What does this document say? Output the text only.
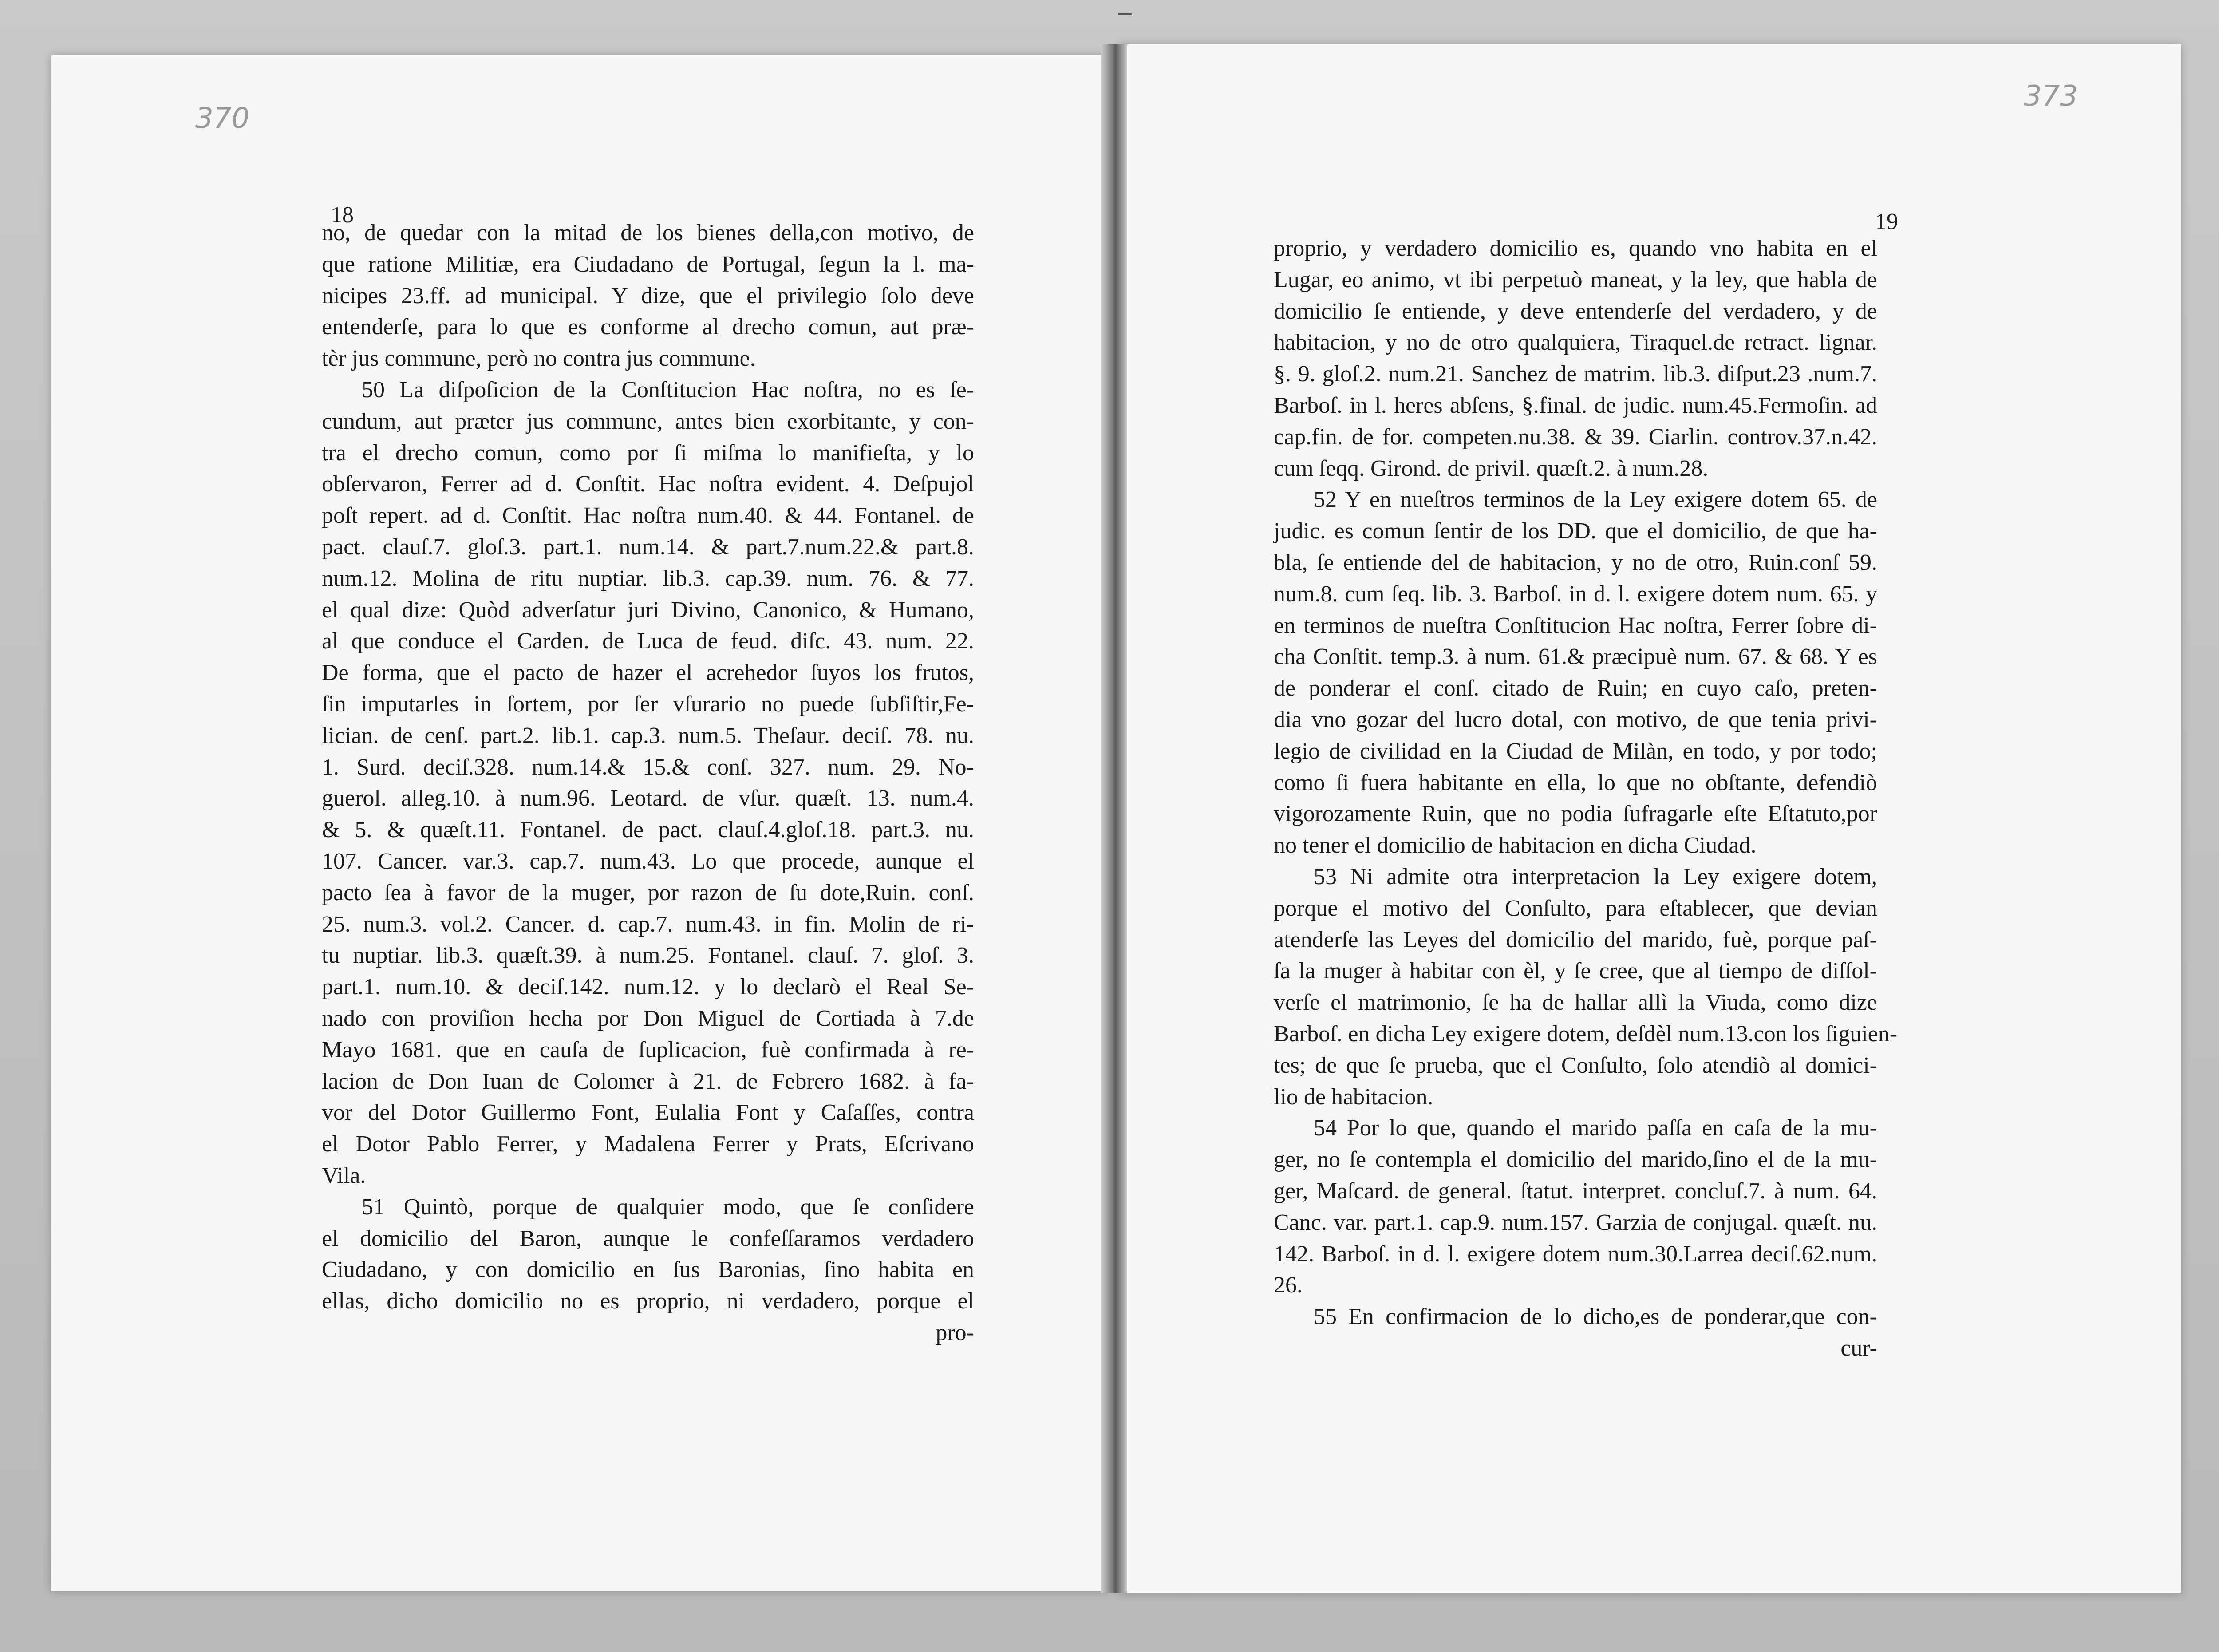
370
373
18	19
no, de quedar con la mitad de los bienes della,con motivo, de
que ratione Militiæ, era Ciudadano de Portugal, ſegun la l. ma-
nicipes 23.ff. ad municipal. Y dize, que el privilegio ſolo deve
entenderſe, para lo que es conforme al drecho comun, aut præ-
tèr jus commune, però no contra jus commune.
50 La diſpoſicion de la Conſtitucion Hac noſtra, no es ſe-
cundum, aut præter jus commune, antes bien exorbitante, y con-
tra el drecho comun, como por ſi miſma lo manifieſta, y lo
obſervaron, Ferrer ad d. Conſtit. Hac noſtra evident. 4. Deſpujol
poſt repert. ad d. Conſtit. Hac noſtra num.40. & 44. Fontanel. de
pact. clauſ.7. gloſ.3. part.1. num.14. & part.7.num.22.& part.8.
num.12. Molina de ritu nuptiar. lib.3. cap.39. num. 76. & 77.
el qual dize: Quòd adverſatur juri Divino, Canonico, & Humano,
al que conduce el Carden. de Luca de feud. diſc. 43. num. 22.
De forma, que el pacto de hazer el acrehedor ſuyos los frutos,
ſin imputarles in ſortem, por ſer vſurario no puede ſubſiſtir,Fe-
lician. de cenſ. part.2. lib.1. cap.3. num.5. Theſaur. deciſ. 78. nu.
1. Surd. deciſ.328. num.14.& 15.& conſ. 327. num. 29. No-
guerol. alleg.10. à num.96. Leotard. de vſur. quæſt. 13. num.4.
& 5. & quæſt.11. Fontanel. de pact. clauſ.4.gloſ.18. part.3. nu.
107. Cancer. var.3. cap.7. num.43. Lo que procede, aunque el
pacto ſea à favor de la muger, por razon de ſu dote,Ruin. conſ.
25. num.3. vol.2. Cancer. d. cap.7. num.43. in fin. Molin de ri-
tu nuptiar. lib.3. quæſt.39. à num.25. Fontanel. clauſ. 7. gloſ. 3.
part.1. num.10. & deciſ.142. num.12. y lo declarò el Real Se-
nado con proviſion hecha por Don Miguel de Cortiada à 7.de
Mayo 1681. que en cauſa de ſuplicacion, fuè confirmada à re-
lacion de Don Iuan de Colomer à 21. de Febrero 1682. à fa-
vor del Dotor Guillermo Font, Eulalia Font y Caſaſſes, contra
el Dotor Pablo Ferrer, y Madalena Ferrer y Prats, Eſcrivano
Vila.
51 Quintò, porque de qualquier modo, que ſe conſidere
el domicilio del Baron, aunque le confeſſaramos verdadero
Ciudadano, y con domicilio en ſus Baronias, ſino habita en
ellas, dicho domicilio no es proprio, ni verdadero, porque el
pro-
proprio, y verdadero domicilio es, quando vno habita en el
Lugar, eo animo, vt ibi perpetuò maneat, y la ley, que habla de
domicilio ſe entiende, y deve entenderſe del verdadero, y de
habitacion, y no de otro qualquiera, Tiraquel.de retract. lignar.
§. 9. gloſ.2. num.21. Sanchez de matrim. lib.3. diſput.23 .num.7.
Barboſ. in l. heres abſens, §.final. de judic. num.45.Fermoſin. ad
cap.fin. de for. competen.nu.38. & 39. Ciarlin. controv.37.n.42.
cum ſeqq. Girond. de privil. quæſt.2. à num.28.
52 Y en nueſtros terminos de la Ley exigere dotem 65. de
judic. es comun ſentir de los DD. que el domicilio, de que ha-
bla, ſe entiende del de habitacion, y no de otro, Ruin.conſ 59.
num.8. cum ſeq. lib. 3. Barboſ. in d. l. exigere dotem num. 65. y
en terminos de nueſtra Conſtitucion Hac noſtra, Ferrer ſobre di-
cha Conſtit. temp.3. à num. 61.& præcipuè num. 67. & 68. Y es
de ponderar el conſ. citado de Ruin; en cuyo caſo, preten-
dia vno gozar del lucro dotal, con motivo, de que tenia privi-
legio de civilidad en la Ciudad de Milàn, en todo, y por todo;
como ſi fuera habitante en ella, lo que no obſtante, defendiò
vigorozamente Ruin, que no podia ſufragarle eſte Eſtatuto,por
no tener el domicilio de habitacion en dicha Ciudad.
53 Ni admite otra interpretacion la Ley exigere dotem,
porque el motivo del Conſulto, para eſtablecer, que devian
atenderſe las Leyes del domicilio del marido, fuè, porque paſ-
ſa la muger à habitar con èl, y ſe cree, que al tiempo de diſſol-
verſe el matrimonio, ſe ha de hallar allì la Viuda, como dize
Barboſ. en dicha Ley exigere dotem, deſdèl num.13.con los ſiguien-
tes; de que ſe prueba, que el Conſulto, ſolo atendiò al domici-
lio de habitacion.
54 Por lo que, quando el marido paſſa en caſa de la mu-
ger, no ſe contempla el domicilio del marido,ſino el de la mu-
ger, Maſcard. de general. ſtatut. interpret. concluſ.7. à num. 64.
Canc. var. part.1. cap.9. num.157. Garzia de conjugal. quæſt. nu.
142. Barboſ. in d. l. exigere dotem num.30.Larrea deciſ.62.num.
26.
55 En confirmacion de lo dicho,es de ponderar,que con-
cur-
